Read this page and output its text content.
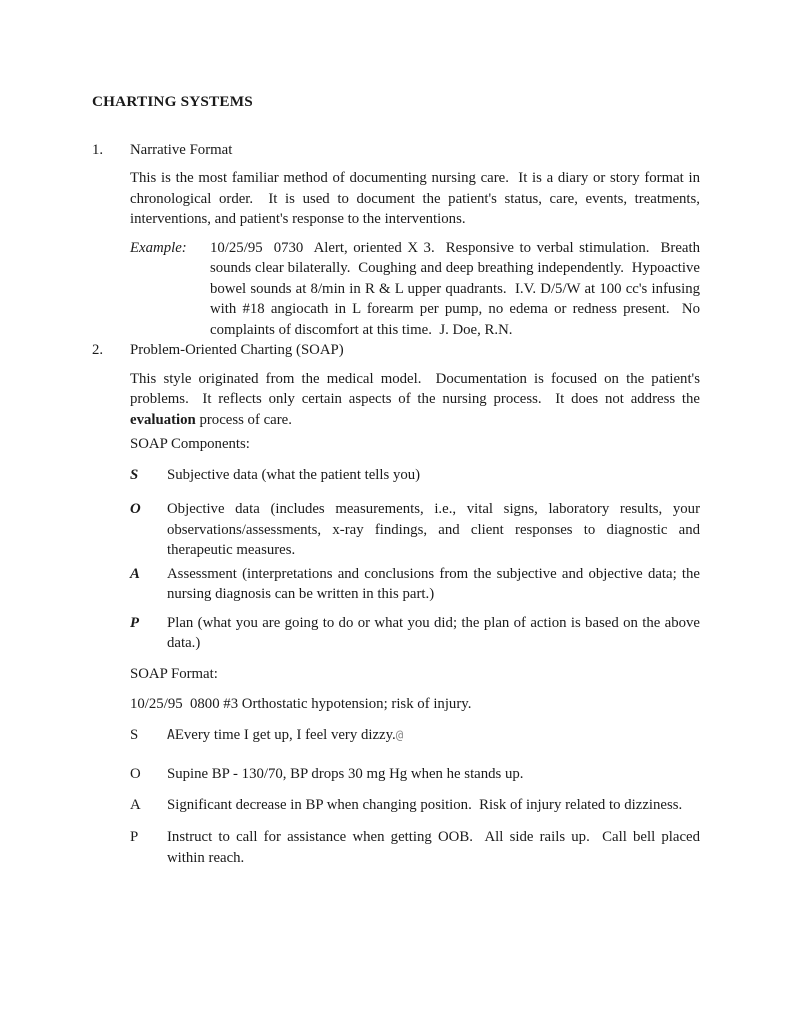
CHARTING SYSTEMS
1.	Narrative Format

This is the most familiar method of documenting nursing care.  It is a diary or story format in chronological order.  It is used to document the patient's status, care, events, treatments, interventions, and patient's response to the interventions.

Example:	10/25/95  0730  Alert, oriented X 3.  Responsive to verbal stimulation.  Breath sounds clear bilaterally.  Coughing and deep breathing independently.  Hypoactive bowel sounds at 8/min in R & L upper quadrants.  I.V. D/5/W at 100 cc's infusing with #18 angiocath in L forearm per pump, no edema or redness present.  No complaints of discomfort at this time.  J. Doe, R.N.

2.	Problem-Oriented Charting (SOAP)

This style originated from the medical model.  Documentation is focused on the patient's problems.  It reflects only certain aspects of the nursing process.  It does not address the evaluation process of care.

SOAP Components:

S	Subjective data (what the patient tells you)

O	Objective data (includes measurements, i.e., vital signs, laboratory results, your observations/assessments, x-ray findings, and client responses to diagnostic and therapeutic measures.

A	Assessment (interpretations and conclusions from the subjective and objective data; the nursing diagnosis can be written in this part.)

P	Plan (what you are going to do or what you did; the plan of action is based on the above data.)

SOAP Format:

10/25/95  0800 #3 Orthostatic hypotension; risk of injury.

S	AEvery time I get up, I feel very dizzy.@

O	Supine BP - 130/70, BP drops 30 mg Hg when he stands up.

A	Significant decrease in BP when changing position.  Risk of injury related to dizziness.

P	Instruct to call for assistance when getting OOB.  All side rails up.  Call bell placed within reach.
